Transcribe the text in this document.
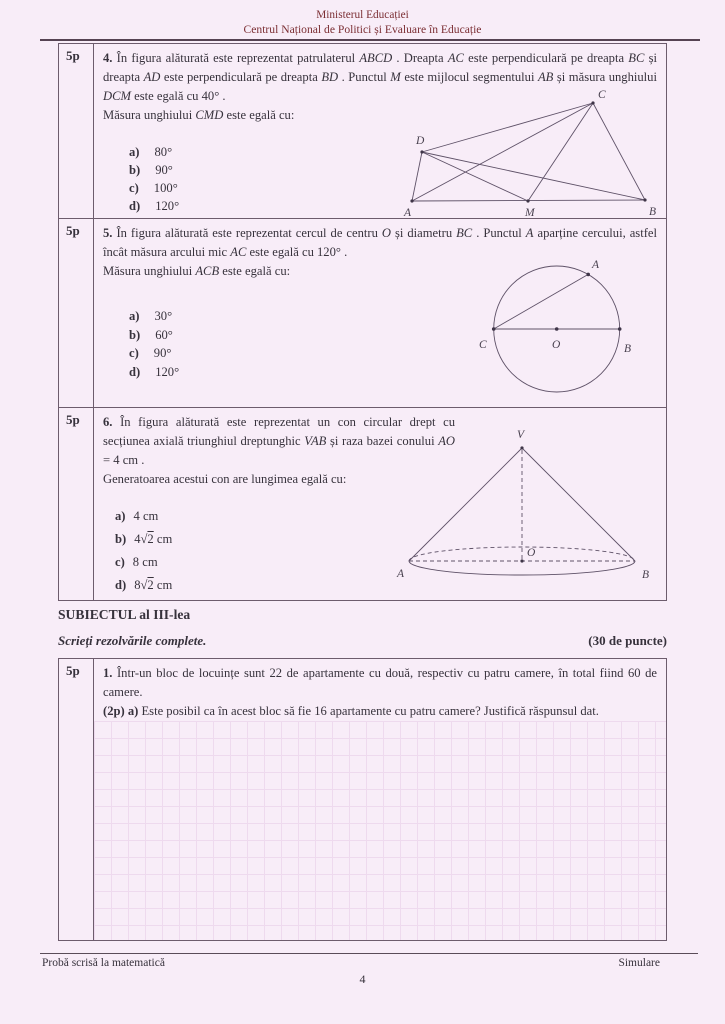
Ministerul Educației
Centrul Național de Politici și Evaluare în Educație
5p	4. În figura alăturată este reprezentat patrulaterul ABCD . Dreapta AC este perpendiculară pe dreapta BC și dreapta AD este perpendiculară pe dreapta BD . Punctul M este mijlocul segmentului AB și măsura unghiului DCM este egală cu 40° .
Măsura unghiului CMD este egală cu:
a) 80°
b) 90°
c) 100°
d) 120°
5p	5. În figura alăturată este reprezentat cercul de centru O și diametru BC . Punctul A aparține cercului, astfel încât măsura arcului mic AC este egală cu 120° .
Măsura unghiului ACB este egală cu:
a) 30°
b) 60°
c) 90°
d) 120°
5p	6. În figura alăturată este reprezentat un con circular drept cu secțiunea axială triunghiul dreptunghic VAB și raza bazei conului AO = 4 cm .
Generatoarea acestui con are lungimea egală cu:
a) 4 cm
b) 4√2 cm
c) 8 cm
d) 8√2 cm
A	M	B
D
C
A
C	O	B
V
A	B
O
SUBIECTUL al III-lea
Scrieți rezolvările complete.	(30 de puncte)
5p	1. Într-un bloc de locuințe sunt 22 de apartamente cu două, respectiv cu patru camere, în total fiind 60 de camere.
(2p) a) Este posibil ca în acest bloc să fie 16 apartamente cu patru camere? Justifică răspunsul dat.
Probă scrisă la matematică	Simulare
4
